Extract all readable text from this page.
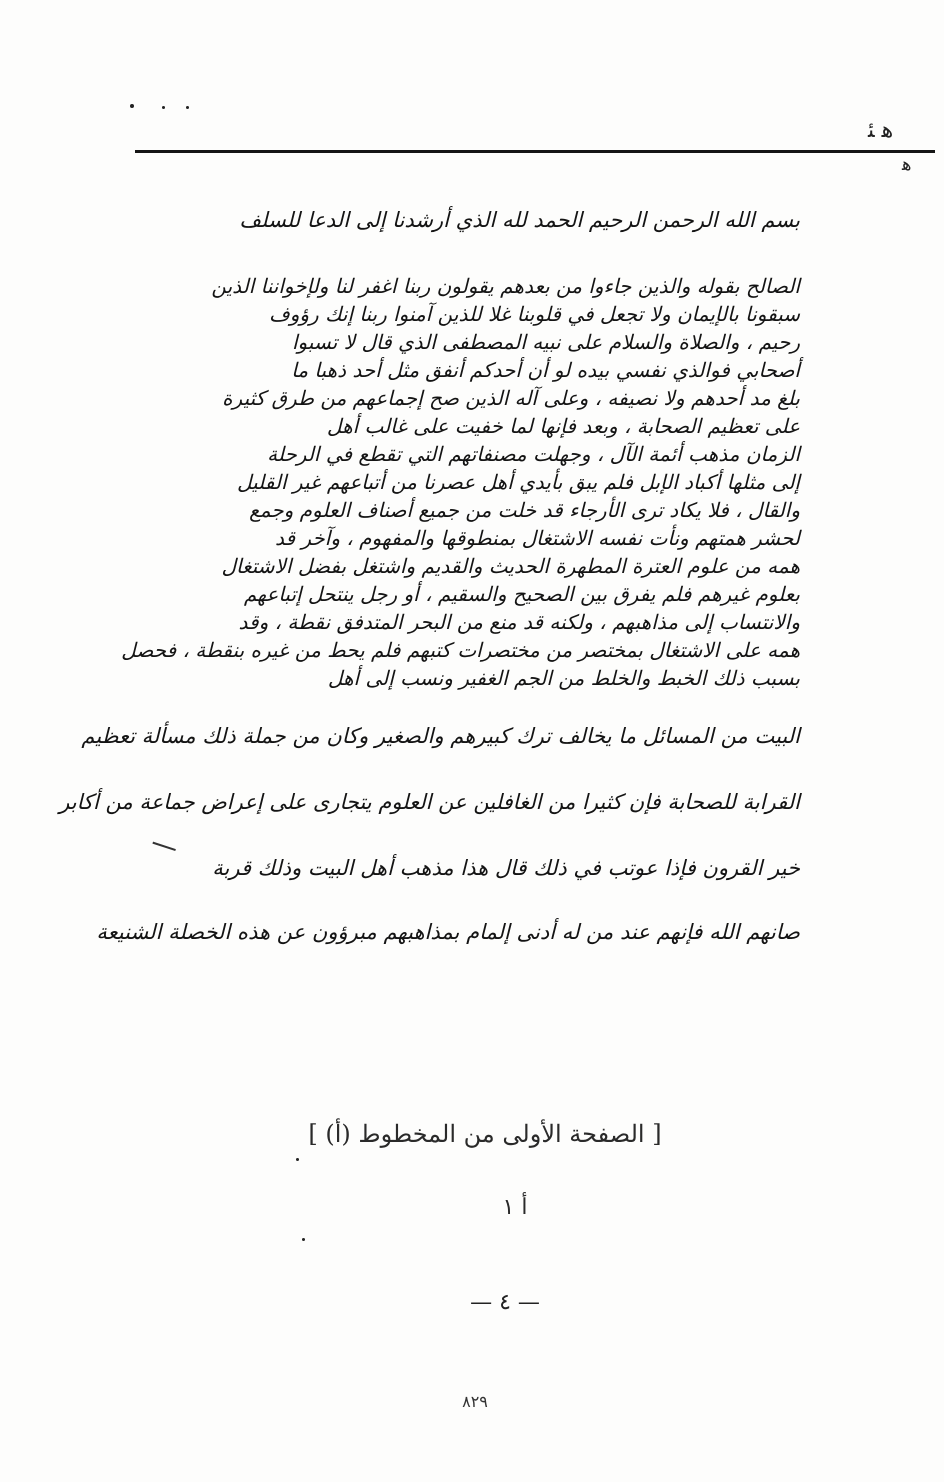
ﻫ ﺌ
ﻫ
بسم الله الرحمن الرحيم الحمد لله الذي أرشدنا إلى الدعا للسلف
الصالح بقوله والذين جاءوا من بعدهم يقولون ربنا اغفر لنا ولإخواننا الذين
سبقونا بالإيمان ولا تجعل في قلوبنا غلا للذين آمنوا ربنا إنك رؤوف
رحيم ، والصلاة والسلام على نبيه المصطفى الذي قال لا تسبوا
أصحابي فوالذي نفسي بيده لو أن أحدكم أنفق مثل أحد ذهبا ما
بلغ مد أحدهم ولا نصيفه ، وعلى آله الذين صح إجماعهم من طرق كثيرة
على تعظيم الصحابة ، وبعد فإنها لما خفيت على غالب أهل
الزمان مذهب أئمة الآل ، وجهلت مصنفاتهم التي تقطع في الرحلة
إلى مثلها أكباد الإبل فلم يبق بأيدي أهل عصرنا من أتباعهم غير القليل
والقال ، فلا يكاد ترى الأرجاء قد خلت من جميع أصناف العلوم وجمع
لحشر همتهم ونأت نفسه الاشتغال بمنطوقها والمفهوم ، وآخر قد
همه من علوم العترة المطهرة الحديث والقديم واشتغل بفضل الاشتغال
بعلوم غيرهم فلم يفرق بين الصحيح والسقيم ، أو رجل ينتحل إتباعهم
والانتساب إلى مذاهبهم ، ولكنه قد منع من البحر المتدفق نقطة ، وقد
همه على الاشتغال بمختصر من مختصرات كتبهم فلم يحط من غيره بنقطة ، فحصل
بسبب ذلك الخبط والخلط من الجم الغفير ونسب إلى أهل
البيت من المسائل ما يخالف ترك كبيرهم والصغير وكان من جملة ذلك مسألة تعظيم
القرابة للصحابة فإن كثيرا من الغافلين عن العلوم يتجارى على إعراض جماعة من أكابر
خير القرون فإذا عوتب في ذلك قال هذا مذهب أهل البيت وذلك قربة
صانهم الله فإنهم عند من له أدنى إلمام بمذاهبهم مبرؤون عن هذه الخصلة الشنيعة
[ الصفحة الأولى من المخطوط (أ) ]
أ ١
— ٤ —
٨٢٩
